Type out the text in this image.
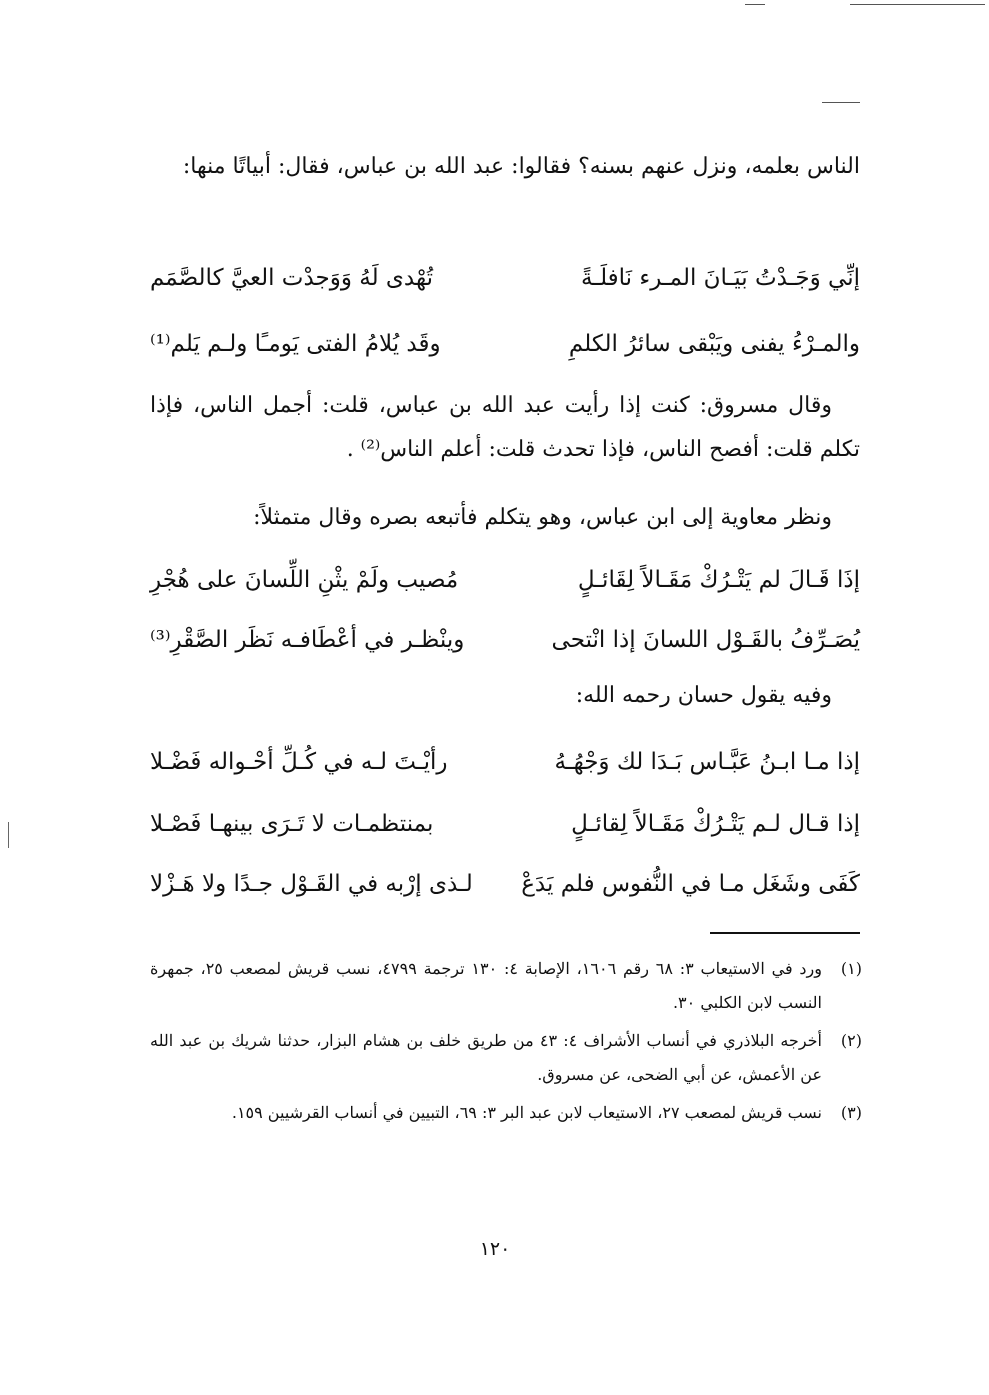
الناس بعلمه، ونزل عنهم بسنه؟ فقالوا: عبد الله بن عباس، فقال: أبياتًا منها:
إنِّي وَجَـدْتُ بَيَـانَ المـرء نَافلَـةً
تُهْدى لَهُ وَوَجدْت العيَّ كالصَّمَم
والمـرْءُ يفنى ويَبْقى سائرُ الكلمِ
وقَد يُلامُ الفتى يَومـًا ولـم يَلم⁽¹⁾
وقال مسروق: كنت إذا رأيت عبد الله بن عباس، قلت: أجمل الناس، فإذا تكلم قلت: أفصح الناس، فإذا تحدث قلت: أعلم الناس⁽²⁾ .
ونظر معاوية إلى ابن عباس، وهو يتكلم فأتبعه بصره وقال متمثلاً:
إذَا قَـالَ لم يَتْـرُكْ مَقَـالاً لِقَائـلٍ
مُصيب ولَمْ يثْنِ اللِّسانَ على هُجْرِ
يُصَـرِّفُ بالقَـوْل اللسانَ إذا انْتحى
وينْظـر في أعْطَافـه نَظَر الصَّقْرِ⁽³⁾
وفيه يقول حسان رحمه الله:
إذا مـا ابـنُ عَبَّـاس بَـدَا لك وَجْهُـهُ
رأيْـتَ لـه في كُـلِّ أحْـواله فَضْـلا
إذا قـال لـم يَتْـرُكْ مَقَـالاً لِقائـلٍ
بمنتظمـات لا تَـرَى بينهـا فَصْـلا
كَفَى وشَغَل مـا في النُّفوس فلم يَدَعْ
لـذى إرْبه في القَـوْل جـدًا ولا هَـزْلا
(١)
ورد في الاستيعاب ٣: ٦٨ رقم ١٦٠٦، الإصابة ٤: ١٣٠ ترجمة ٤٧٩٩، نسب قريش لمصعب ٢٥، جمهرة النسب لابن الكلبي ٣٠.
(٢)
أخرجه البلاذري في أنساب الأشراف ٤: ٤٣ من طريق خلف بن هشام البزار، حدثنا شريك بن عبد الله عن الأعمش، عن أبي الضحى، عن مسروق.
(٣)
نسب قريش لمصعب ٢٧، الاستيعاب لابن عبد البر ٣: ٦٩، التبيين في أنساب القرشيين ١٥٩.
١٢٠
